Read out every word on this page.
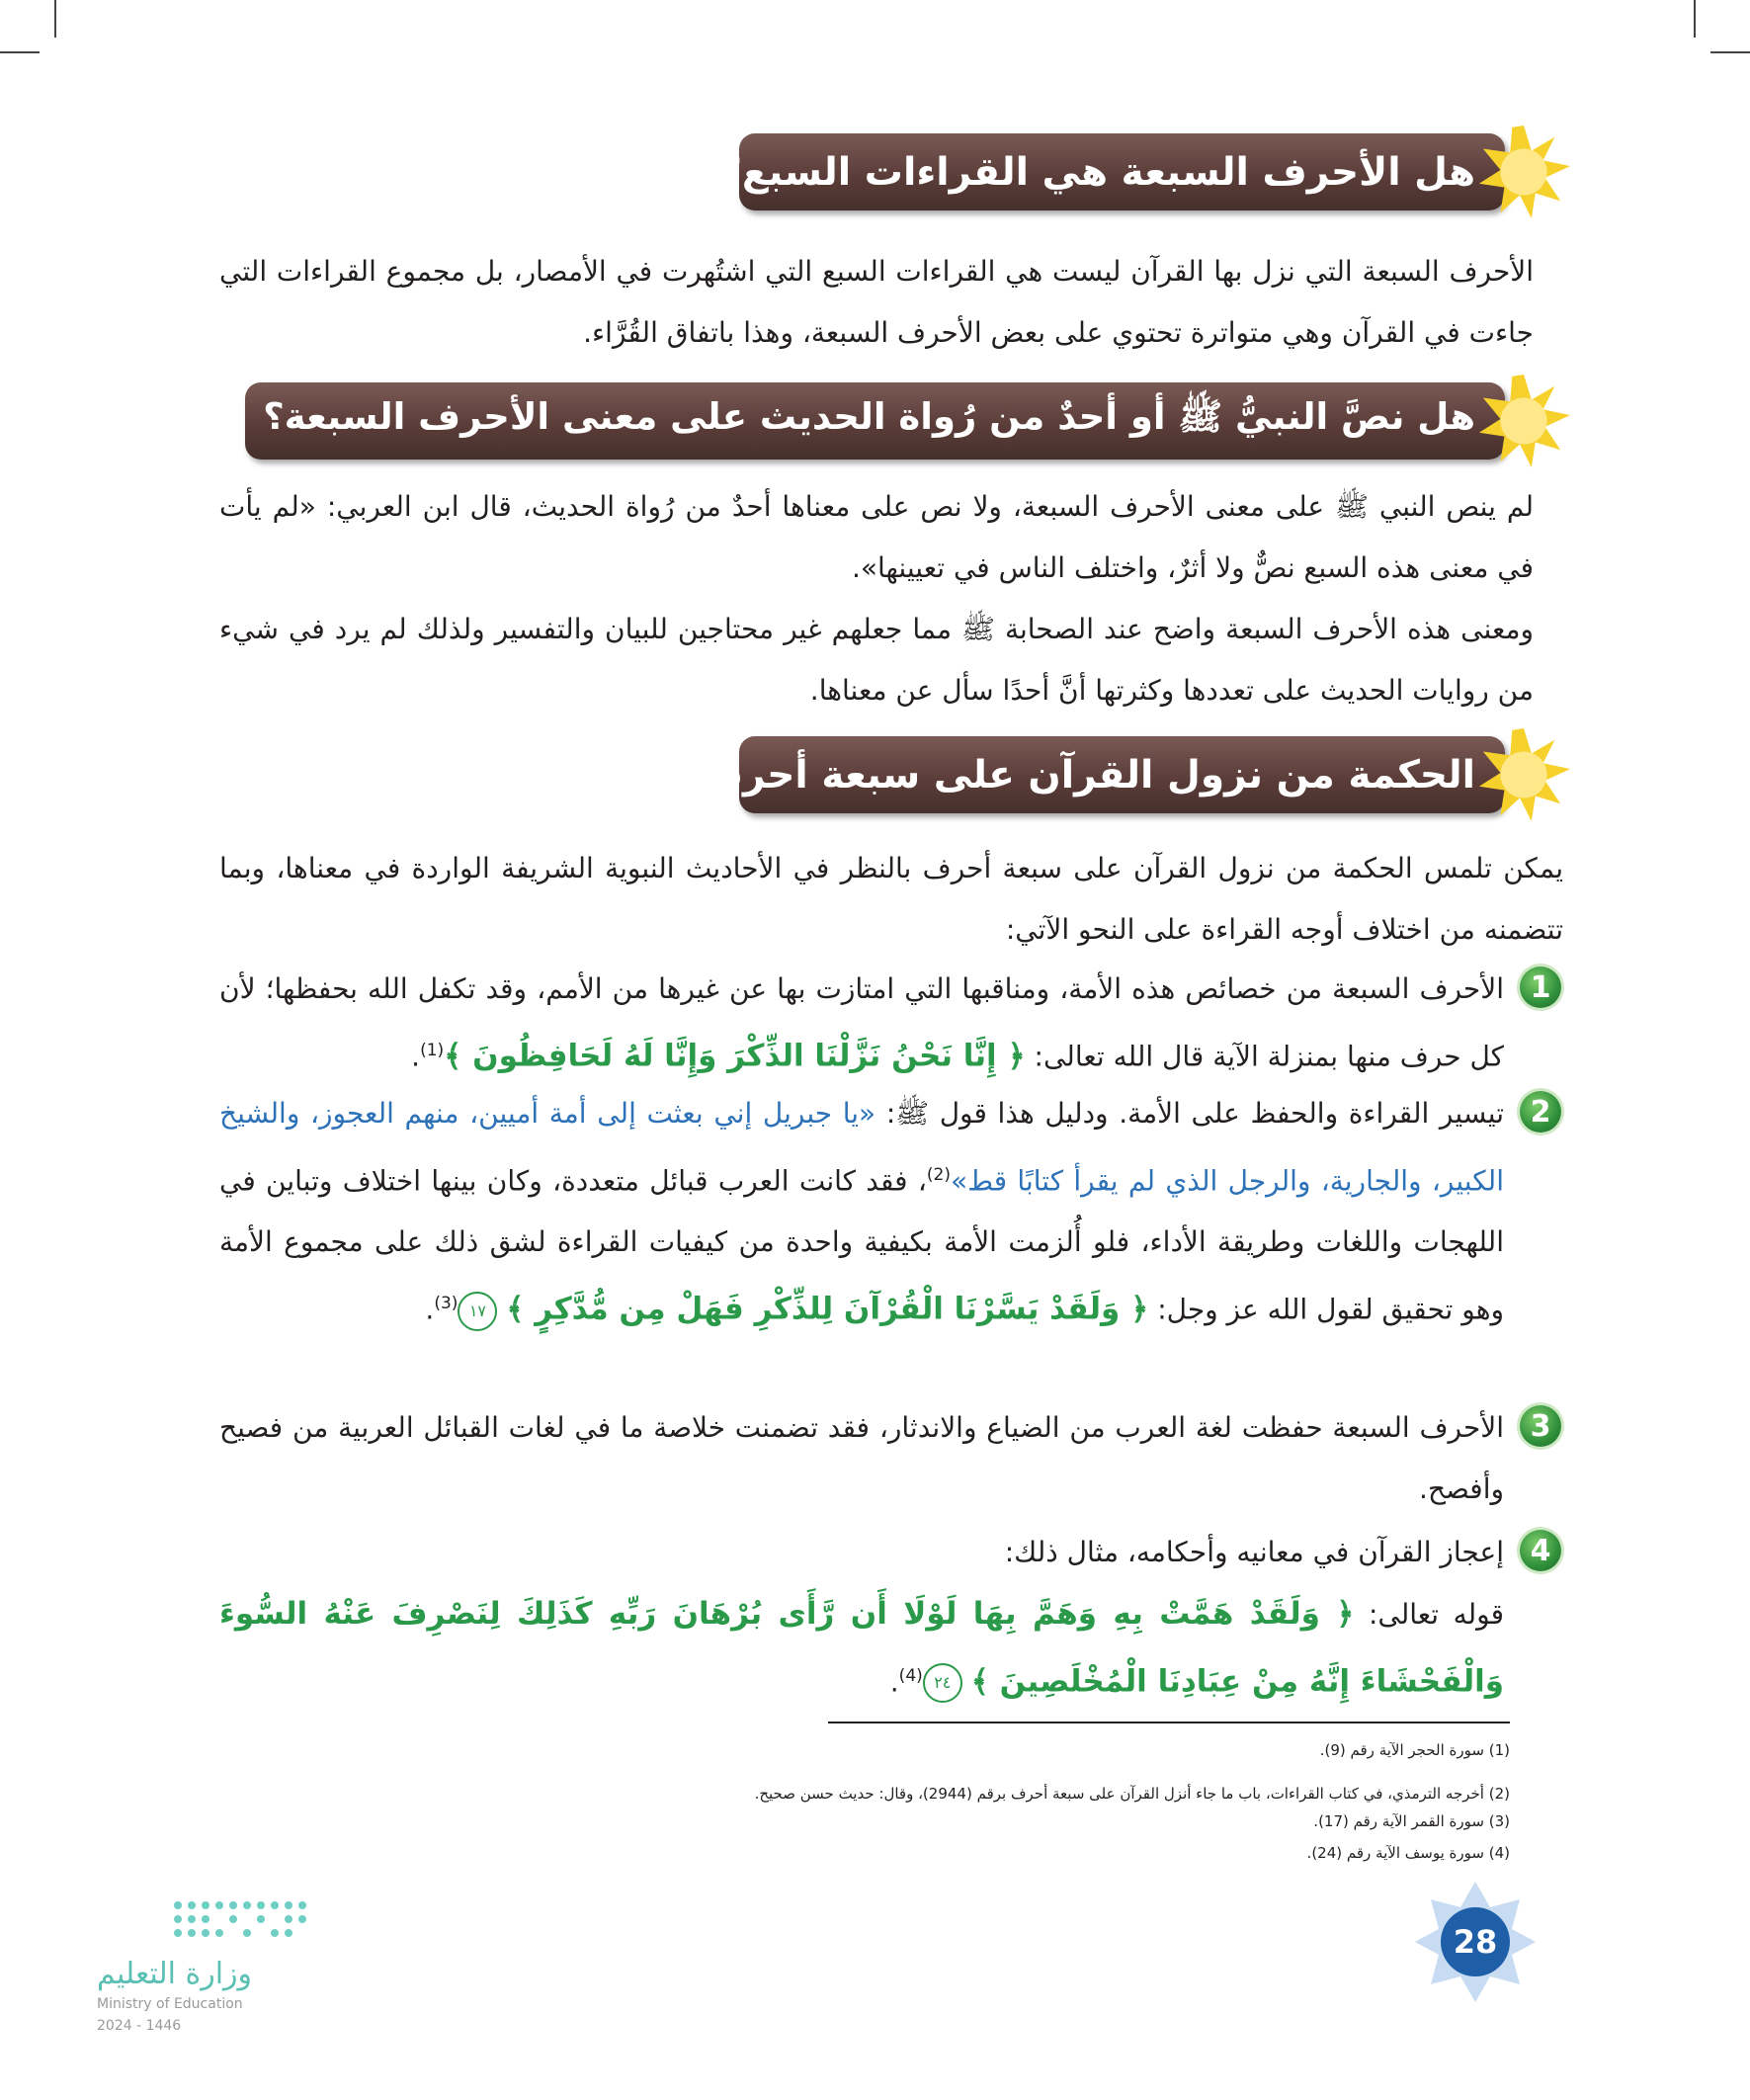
هل الأحرف السبعة هي القراءات السبع؟

الأحرف السبعة التي نزل بها القرآن ليست هي القراءات السبع التي اشتُهرت في الأمصار، بل مجموع القراءات التي جاءت في القرآن وهي متواترة تحتوي على بعض الأحرف السبعة، وهذا باتفاق القُرَّاء.

هل نصَّ النبيُّ ﷺ أو أحدٌ من رُواة الحديث على معنى الأحرف السبعة؟

لم ينص النبي ﷺ على معنى الأحرف السبعة، ولا نص على معناها أحدٌ من رُواة الحديث، قال ابن العربي: «لم يأت في معنى هذه السبع نصٌّ ولا أثرٌ، واختلف الناس في تعيينها».

ومعنى هذه الأحرف السبعة واضح عند الصحابة ﷺ مما جعلهم غير محتاجين للبيان والتفسير ولذلك لم يرد في شيء من روايات الحديث على تعددها وكثرتها أنَّ أحدًا سأل عن معناها.

الحكمة من نزول القرآن على سبعة أحرف

يمكن تلمس الحكمة من نزول القرآن على سبعة أحرف بالنظر في الأحاديث النبوية الشريفة الواردة في معناها، وبما تتضمنه من اختلاف أوجه القراءة على النحو الآتي:

1
الأحرف السبعة من خصائص هذه الأمة، ومناقبها التي امتازت بها عن غيرها من الأمم، وقد تكفل الله بحفظها؛ لأن كل حرف منها بمنزلة الآية قال الله تعالى: ﴿ إِنَّا نَحْنُ نَزَّلْنَا الذِّكْرَ وَإِنَّا لَهُ لَحَافِظُونَ ﴾$^{(1)}$.
2
تيسير القراءة والحفظ على الأمة. ودليل هذا قول ﷺ: «يا جبريل إني بعثت إلى أمة أميين، منهم العجوز، والشيخ الكبير، والجارية، والرجل الذي لم يقرأ كتابًا قط»$^{(2)}$، فقد كانت العرب قبائل متعددة، وكان بينها اختلاف وتباين في اللهجات واللغات وطريقة الأداء، فلو أُلزمت الأمة بكيفية واحدة من كيفيات القراءة لشق ذلك على مجموع الأمة وهو تحقيق لقول الله عز وجل: ﴿ وَلَقَدْ يَسَّرْنَا الْقُرْآنَ لِلذِّكْرِ فَهَلْ مِن مُّدَّكِرٍ ﴾ ١٧$^{(3)}$.
3
الأحرف السبعة حفظت لغة العرب من الضياع والاندثار، فقد تضمنت خلاصة ما في لغات القبائل العربية من فصيح وأفصح.
4
إعجاز القرآن في معانيه وأحكامه، مثال ذلك:
قوله تعالى: ﴿ وَلَقَدْ هَمَّتْ بِهِ وَهَمَّ بِهَا لَوْلَا أَن رَّأَى بُرْهَانَ رَبِّهِ كَذَلِكَ لِنَصْرِفَ عَنْهُ السُّوءَ وَالْفَحْشَاءَ إِنَّهُ مِنْ عِبَادِنَا الْمُخْلَصِينَ ﴾ ٢٤$^{(4)}$.
(1) سورة الحجر الآية رقم (9).
(2) أخرجه الترمذي، في كتاب القراءات، باب ما جاء أنزل القرآن على سبعة أحرف برقم (2944)، وقال: حديث حسن صحيح.
(3) سورة القمر الآية رقم (17).
(4) سورة يوسف الآية رقم (24).
وزارة التعليم
Ministry of Education
2024 - 1446
28
